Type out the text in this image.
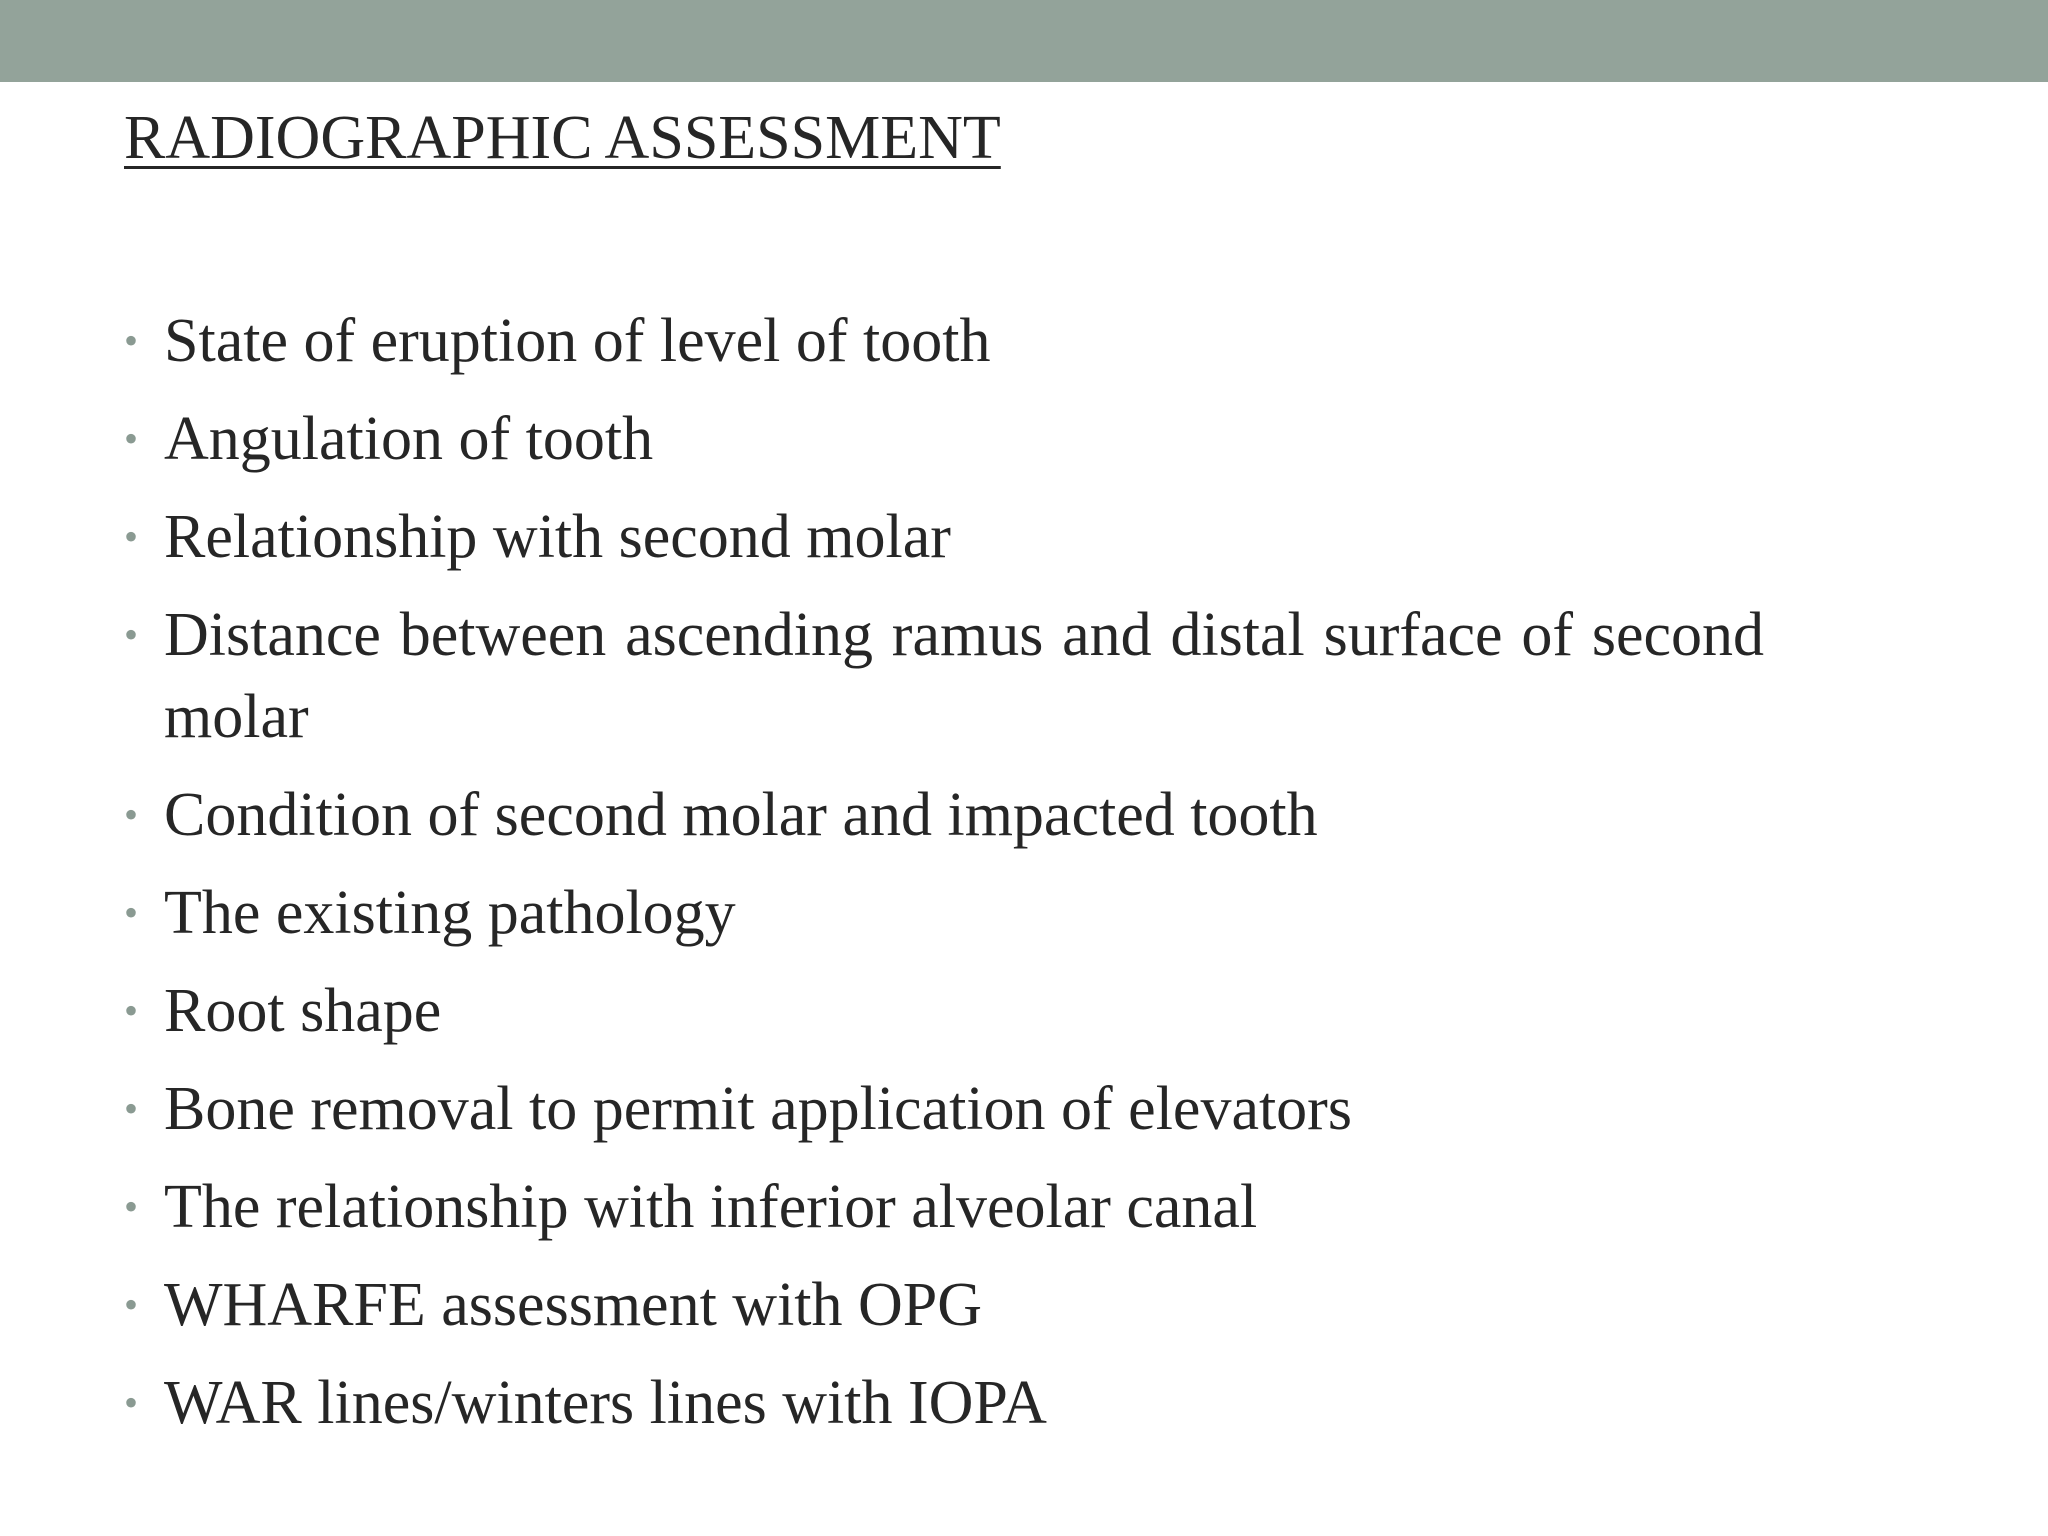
RADIOGRAPHIC ASSESSMENT
• State of eruption of level of tooth
• Angulation of tooth
• Relationship with second molar
• Distance between ascending ramus and distal surface of second molar
• Condition of second molar and impacted tooth
• The existing pathology
• Root shape
• Bone removal to permit application of elevators
• The relationship with inferior alveolar canal
• WHARFE assessment with OPG
• WAR lines/winters lines with IOPA
